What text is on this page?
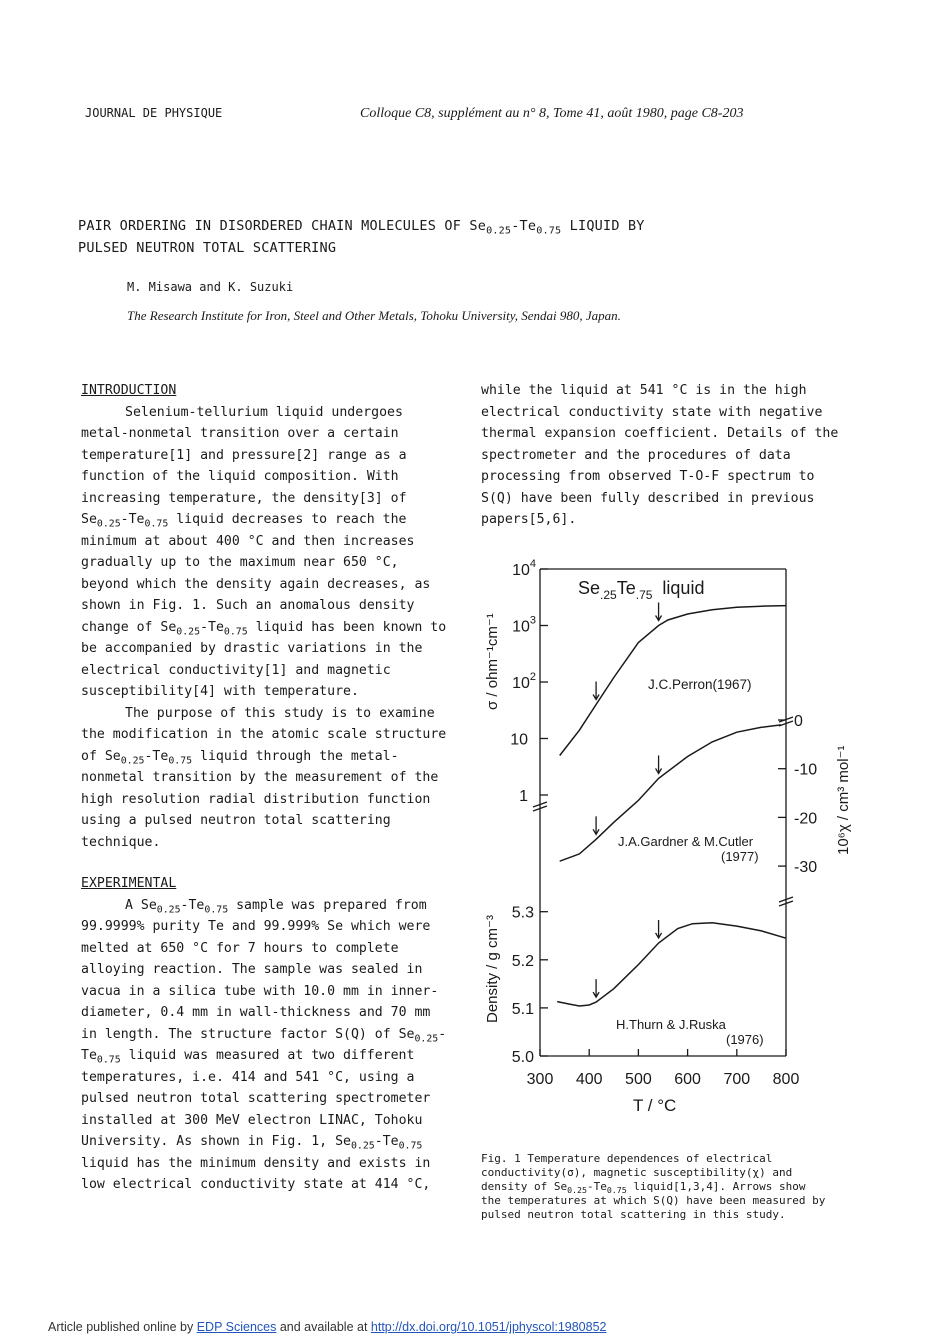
JOURNAL DE PHYSIQUE	Colloque C8, supplément au n° 8, Tome 41, août 1980, page C8-203
PAIR ORDERING IN DISORDERED CHAIN MOLECULES OF $Se_{0.25}-Te_{0.75}$ LIQUID BY
PULSED NEUTRON TOTAL SCATTERING
M. Misawa and K. Suzuki
The Research Institute for Iron, Steel and Other Metals, Tohoku University, Sendai 980, Japan.

INTRODUCTION

Selenium-tellurium liquid undergoes metal-nonmetal transition over a certain temperature[1] and pressure[2] range as a function of the liquid composition. With increasing temperature, the density[3] of $Se_{0.25}-Te_{0.75}$ liquid decreases to reach the minimum at about 400 °C and then increases gradually up to the maximum near 650 °C, beyond which the density again decreases, as shown in Fig. 1. Such an anomalous density change of $Se_{0.25}-Te_{0.75}$ liquid has been known to be accompanied by drastic variations in the electrical conductivity[1] and magnetic susceptibility[4] with temperature.

The purpose of this study is to examine the modification in the atomic scale structure of $Se_{0.25}-Te_{0.75}$ liquid through the metal-nonmetal transition by the measurement of the high resolution radial distribution function using a pulsed neutron total scattering technique.

EXPERIMENTAL

A $Se_{0.25}-Te_{0.75}$ sample was prepared from 99.9999% purity Te and 99.999% Se which were melted at 650 °C for 7 hours to complete alloying reaction. The sample was sealed in vacua in a silica tube with 10.0 mm in inner-diameter, 0.4 mm in wall-thickness and 70 mm in length. The structure factor S(Q) of $Se_{0.25}-Te_{0.75}$ liquid was measured at two different temperatures, i.e. 414 and 541 °C, using a pulsed neutron total scattering spectrometer installed at 300 MeV electron LINAC, Tohoku University. As shown in Fig. 1, $Se_{0.25}-Te_{0.75}$ liquid has the minimum density and exists in low electrical conductivity state at 414 °C,

while the liquid at 541 °C is in the high electrical conductivity state with negative thermal expansion coefficient. Details of the spectrometer and the procedures of data processing from observed T-O-F spectrum to S(Q) have been fully described in previous papers[5,6].

$10^4$
$10^3$
$10^2$
10
1
0
-10
-20
-30
5.3
5.2
5.1
5.0
300 400 500 600 700 800
$Se_{.25}Te_{.75}$ liquid
J.C.Perron(1967)
J.A.Gardner & M.Cutler
(1977)
H.Thurn & J.Ruska
(1976)
σ / ohm⁻¹cm⁻¹
10⁶χ / cm³ mol⁻¹
Density / g cm⁻³
T / °C
Fig. 1 Temperature dependences of electrical conductivity(σ), magnetic susceptibility(χ) and density of $Se_{0.25}-Te_{0.75}$ liquid[1,3,4]. Arrows show the temperatures at which S(Q) have been measured by pulsed neutron total scattering in this study.
Article published online by EDP Sciences and available at http://dx.doi.org/10.1051/jphyscol:1980852
